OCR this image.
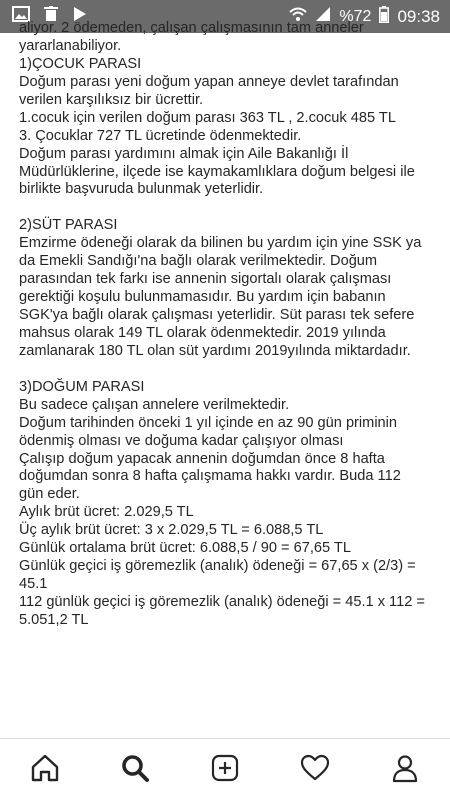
%72 09:38
aliyor. 2 ödemeden, çalışan çalışmasının tam anneler
yararlanabiliyor.
1)ÇOCUK PARASI
Doğum parası yeni doğum yapan anneye devlet tarafından
verilen karşılıksız bir ücrettir.
1.cocuk için verilen doğum parası 363 TL , 2.cocuk 485 TL
3. Çocuklar 727 TL ücretinde ödenmektedir.
Doğum parası yardımını almak için Aile Bakanlığı İl
Müdürlüklerine, ilçede ise kaymakamlıklara doğum belgesi ile
birlikte başvuruda bulunmak yeterlidir.
2)SÜT PARASI
Emzirme ödeneği olarak da bilinen bu yardım için yine SSK ya
da Emekli Sandığı'na bağlı olarak verilmektedir. Doğum
parasından tek farkı ise annenin sigortalı olarak çalışması
gerektiği koşulu bulunmamasıdır. Bu yardım için babanın
SGK'ya bağlı olarak çalışması yeterlidir. Süt parası tek sefere
mahsus olarak 149 TL olarak ödenmektedir. 2019 yılında
zamlanarak 180 TL olan süt yardımı 2019yılında miktardadır.
3)DOĞUM PARASI
Bu sadece çalışan annelere verilmektedir.
Doğum tarihinden önceki 1 yıl içinde en az 90 gün priminin
ödenmiş olması ve doğuma kadar çalışıyor olması
Çalışıp doğum yapacak annenin doğumdan önce 8 hafta
doğumdan sonra 8 hafta çalışmama hakkı vardır. Buda 112
gün eder.
Aylık brüt ücret: 2.029,5 TL
Üç aylık brüt ücret: 3 x 2.029,5 TL = 6.088,5 TL
Günlük ortalama brüt ücret: 6.088,5 / 90 = 67,65 TL
Günlük geçici iş göremezlik (analık) ödeneği = 67,65 x (2/3) =
45.1
112 günlük geçici iş göremezlik (analık) ödeneği = 45.1 x 112 =
5.051,2 TL
